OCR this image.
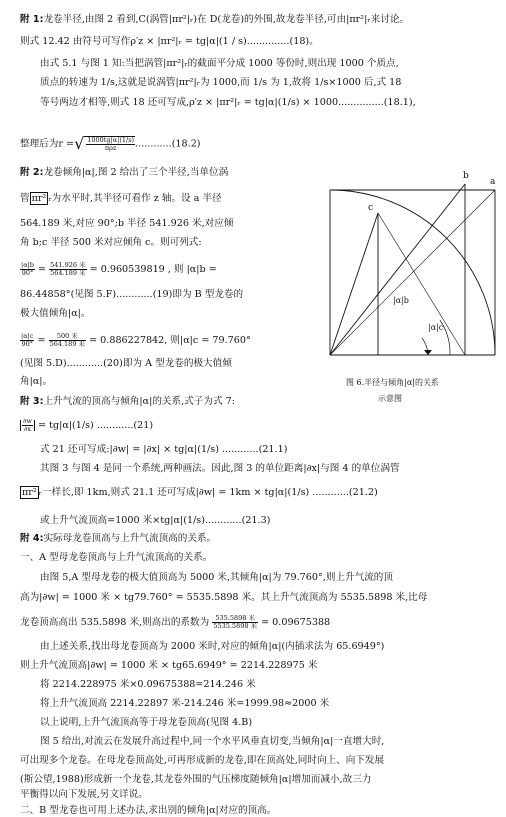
附 1:龙卷半径,由图 2 看到,C(涡管|πr²|ᵣ)在 D(龙卷)的外围,故龙卷半径,可由|πr²|ᵣ来讨论。
则式 12.42 由符号可写作ρ′z × |πr²|ᵣ = tg|α|(1 / s)..............(18)。
由式 5.1 与图 1 知:当把涡管|πr²|ᵣ的截面平分成 1000 等份时,则出现 1000 个质点,
质点的转速为 1/s,这就是说涡管|πr²|ᵣ为 1000,而 1/s 为 1,故将 1/s×1000 后,式 18
等号两边才相等,则式 18 还可写成,ρ′z × |πr²|ᵣ = tg|α|(1/s) × 1000...............(18.1),
整理后为r =√ $\frac{1000tg|\alpha|(1/s)}{\text{πρz}} ............(18.2)$
附 2:龙卷倾角|α|,图 2 给出了三个半径,当单位涡
管 πr² ᵣ为水平时,其半径可看作 z 轴。设 a 半径
564.189 米,对应 90°;b 半径 541.926 米,对应倾
角 b;c 半径 500 米对应倾角 c。则可列式:
$\frac{|\alpha|b}{90^\circ} = \frac{\text{541.926 米}}{\text{564.189 米}} = 0.960539819$ , 则 |α|b =
86.44858°(见图 5.F)............(19)即为 B 型龙卷的
极大值倾角|α|。
$\frac{|\alpha|c}{90^\circ} = \frac{\text{500 米}}{\text{564.189 米}} = 0.886227842$, 则|α|c = 79.760°
(见图 5.D)............(20)即为 A 型龙卷的极大值倾
角|α|。
附 3:上升气流的顶高与倾角|α|的关系,式子为式 7:
$\frac{\partial w}{\partial x} = tg|\alpha|(1/s)$ ............(21)
式 21 还可写成:|∂w| = |∂x| × tg|α|(1/s) ............(21.1)
其图 3 与图 4 是同一个系统,两种画法。因此,图 3 的单位距离|∂x|与图 4 的单位涡管
πr² ᵣ一样长,即 1km,则式 21.1 还可写成|∂w| = 1km × tg|α|(1/s) ............(21.2)
或上升气流顶高=1000 米×tg|α|(1/s)............(21.3)
附 4:实际母龙卷顶高与上升气流顶高的关系。
一、A 型母龙卷顶高与上升气流顶高的关系。
由图 5,A 型母龙卷的极大值顶高为 5000 米,其倾角|α|为 79.760°,则上升气流的顶
高为|∂w| = 1000 米 × tg79.760° = 5535.5898 米。其上升气流顶高为 5535.5898 米,比母
龙卷顶高高出 535.5898 米,则高出的系数为 $\frac{\text{535.5898 米}}{\text{5535.5898 米}} = 0.09675388$
由上述关系,找出母龙卷顶高为 2000 米时,对应的倾角|α|(内插求法为 65.6949°)
则上升气流顶高|∂w| = 1000 米 × tg65.6949° = 2214.228975 米
将 2214.228975 米×0.09675388=214.246 米
将上升气流顶高 2214.22897 米-214.246 米=1999.98≈2000 米
以上说明,上升气流顶高等于母龙卷顶高(见图 4.B)
图 5 给出,对流云在发展升高过程中,同一个水平风垂直切变,当倾角|α|一直增大时,
可出现多个龙卷。在母龙卷顶高处,可再形成新的龙卷,即在顶高处,同时向上、向下发展
(斯公望,1988)形成新一个龙卷,其龙卷外围的气压梯度随倾角|α|增加而减小,故三力
平衡得以向下发展,另文详说。
二、B 型龙卷也可用上述办法,求出别的倾角|α|对应的顶高。
a
b
c
|α|b
|α|c
图 6.半径与倾角|α|的关系
示意图
